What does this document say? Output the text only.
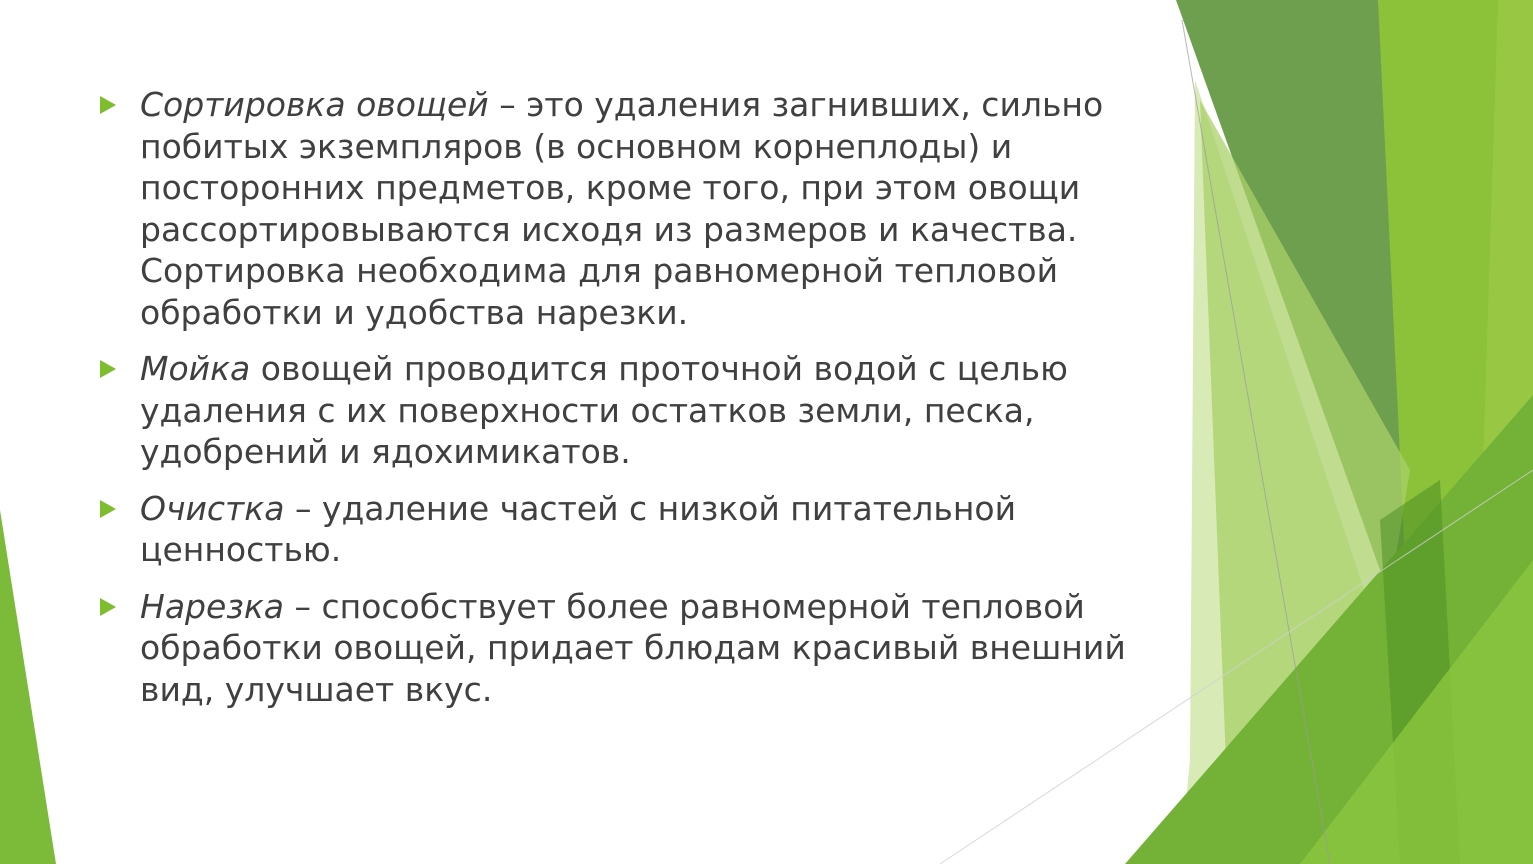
Сортировка овощей – это удаления загнивших, сильно побитых экземпляров (в основном корнеплоды) и посторонних предметов, кроме того, при этом овощи рассортировываются исходя из размеров и качества. Сортировка необходима для равномерной тепловой обработки и удобства нарезки.
Мойка овощей проводится проточной водой с целью удаления с их поверхности остатков земли, песка, удобрений и ядохимикатов.
Очистка – удаление частей с низкой питательной ценностью.
Нарезка – способствует более равномерной тепловой обработки овощей, придает блюдам красивый внешний вид, улучшает вкус.
